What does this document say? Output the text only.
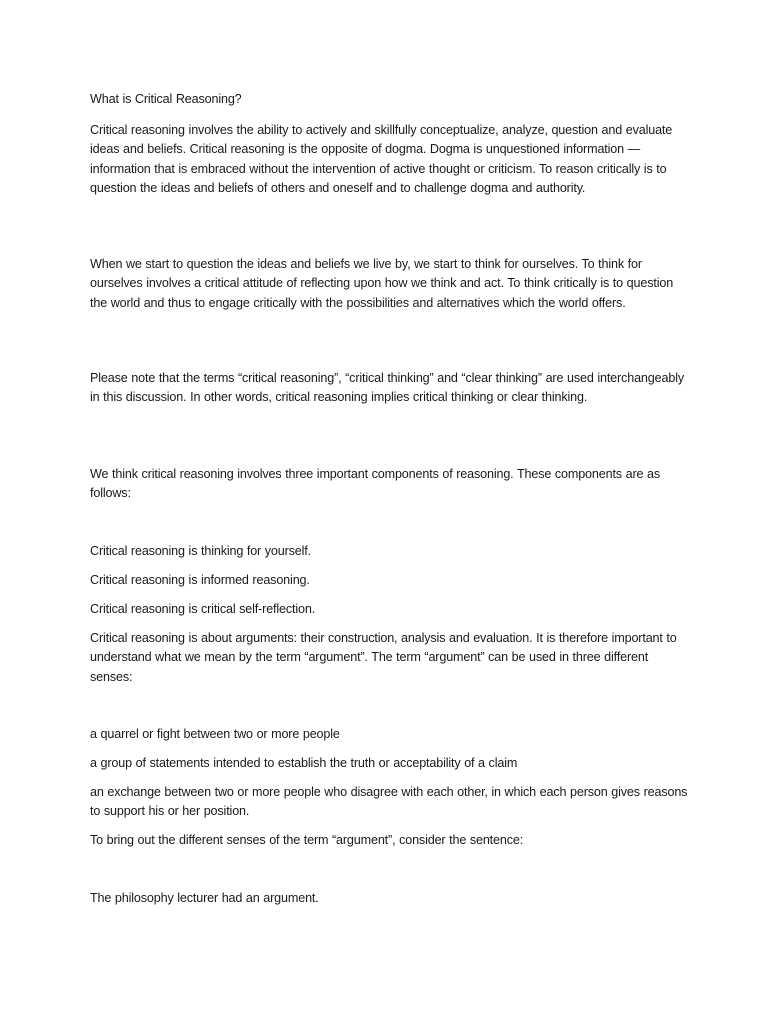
What is Critical Reasoning?

Critical reasoning involves the ability to actively and skillfully conceptualize, analyze, question and evaluate ideas and beliefs. Critical reasoning is the opposite of dogma. Dogma is unquestioned information — information that is embraced without the intervention of active thought or criticism. To reason critically is to question the ideas and beliefs of others and oneself and to challenge dogma and authority.

When we start to question the ideas and beliefs we live by, we start to think for ourselves. To think for ourselves involves a critical attitude of reflecting upon how we think and act. To think critically is to question the world and thus to engage critically with the possibilities and alternatives which the world offers.

Please note that the terms “critical reasoning”, “critical thinking” and “clear thinking” are used interchangeably in this discussion. In other words, critical reasoning implies critical thinking or clear thinking.

We think critical reasoning involves three important components of reasoning. These components are as follows:

Critical reasoning is thinking for yourself.

Critical reasoning is informed reasoning.

Critical reasoning is critical self-reflection.

Critical reasoning is about arguments: their construction, analysis and evaluation. It is therefore important to understand what we mean by the term “argument”. The term “argument” can be used in three different senses:

a quarrel or fight between two or more people

a group of statements intended to establish the truth or acceptability of a claim

an exchange between two or more people who disagree with each other, in which each person gives reasons to support his or her position.

To bring out the different senses of the term “argument”, consider the sentence:

The philosophy lecturer had an argument.
